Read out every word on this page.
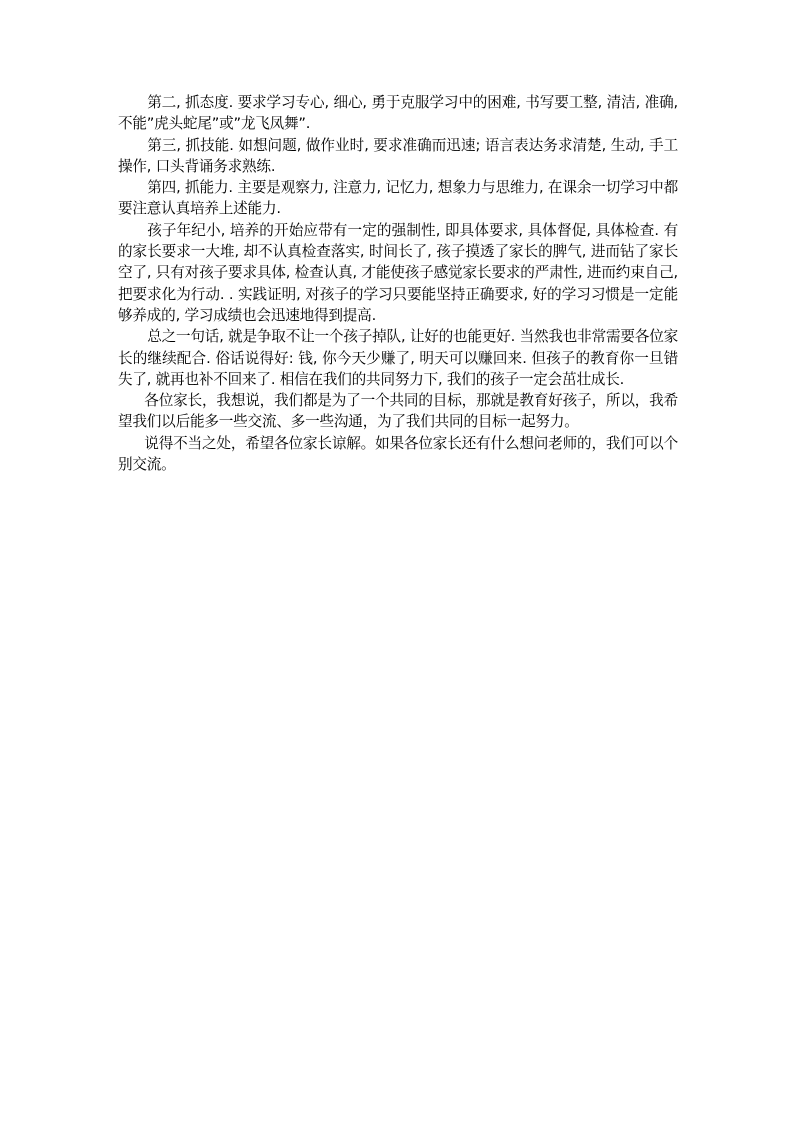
第二, 抓态度. 要求学习专心, 细心, 勇于克服学习中的困难, 书写要工整, 清洁, 准确, 不能”虎头蛇尾”或”龙飞凤舞”.

第三, 抓技能. 如想问题, 做作业时, 要求准确而迅速; 语言表达务求清楚, 生动, 手工操作, 口头背诵务求熟练.

第四, 抓能力. 主要是观察力, 注意力, 记忆力, 想象力与思维力, 在课余一切学习中都要注意认真培养上述能力.

孩子年纪小, 培养的开始应带有一定的强制性, 即具体要求, 具体督促, 具体检查. 有的家长要求一大堆, 却不认真检查落实, 时间长了, 孩子摸透了家长的脾气, 进而钻了家长空了, 只有对孩子要求具体, 检查认真, 才能使孩子感觉家长要求的严肃性, 进而约束自己, 把要求化为行动. . 实践证明, 对孩子的学习只要能坚持正确要求, 好的学习习惯是一定能够养成的, 学习成绩也会迅速地得到提高.

总之一句话, 就是争取不让一个孩子掉队, 让好的也能更好. 当然我也非常需要各位家长的继续配合. 俗话说得好: 钱, 你今天少赚了, 明天可以赚回来. 但孩子的教育你一旦错失了, 就再也补不回来了. 相信在我们的共同努力下, 我们的孩子一定会茁壮成长.

各位家长，我想说，我们都是为了一个共同的目标，那就是教育好孩子，所以，我希望我们以后能多一些交流、多一些沟通，为了我们共同的目标一起努力。

说得不当之处，希望各位家长谅解。如果各位家长还有什么想问老师的，我们可以个别交流。
